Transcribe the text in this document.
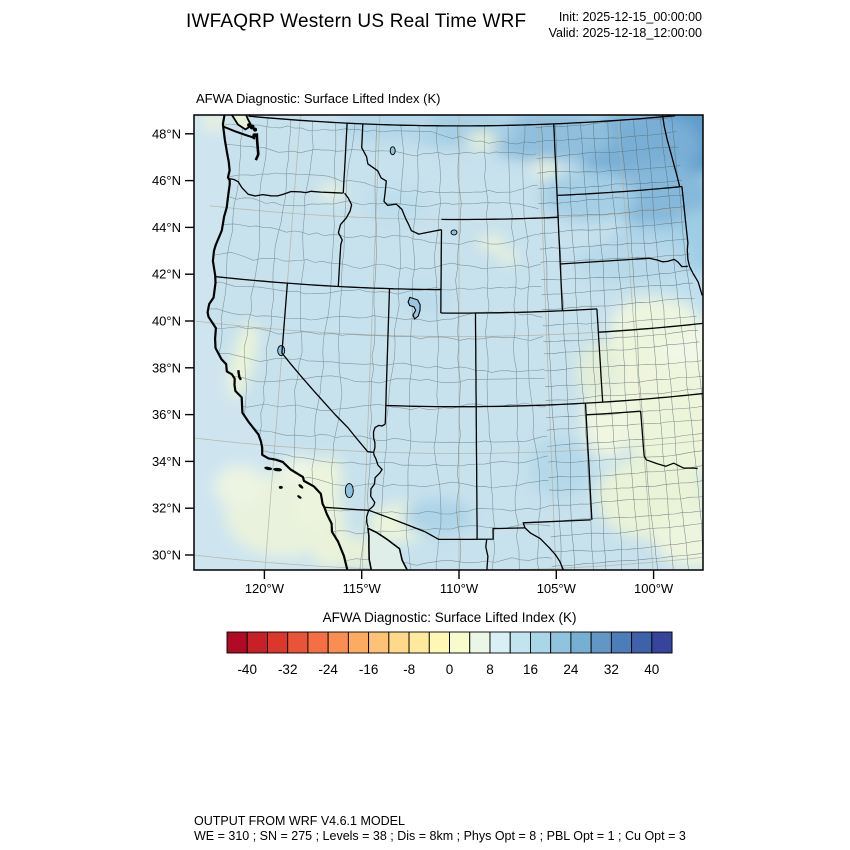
IWFAQRP Western US Real Time WRF	Init: 2025-12-15_00:00:00
Valid: 2025-12-18_12:00:00
AFWA Diagnostic: Surface Lifted Index (K)
48°N
46°N
44°N
42°N
40°N
38°N
36°N
34°N
32°N
30°N
120°W	115°W	110°W	105°W	100°W
AFWA Diagnostic: Surface Lifted Index (K)
-40 -32 -24 -16 -8 0 8 16 24 32 40
OUTPUT FROM WRF V4.6.1 MODEL
WE = 310 ; SN = 275 ; Levels = 38 ; Dis = 8km ; Phys Opt = 8 ; PBL Opt = 1 ; Cu Opt = 3
